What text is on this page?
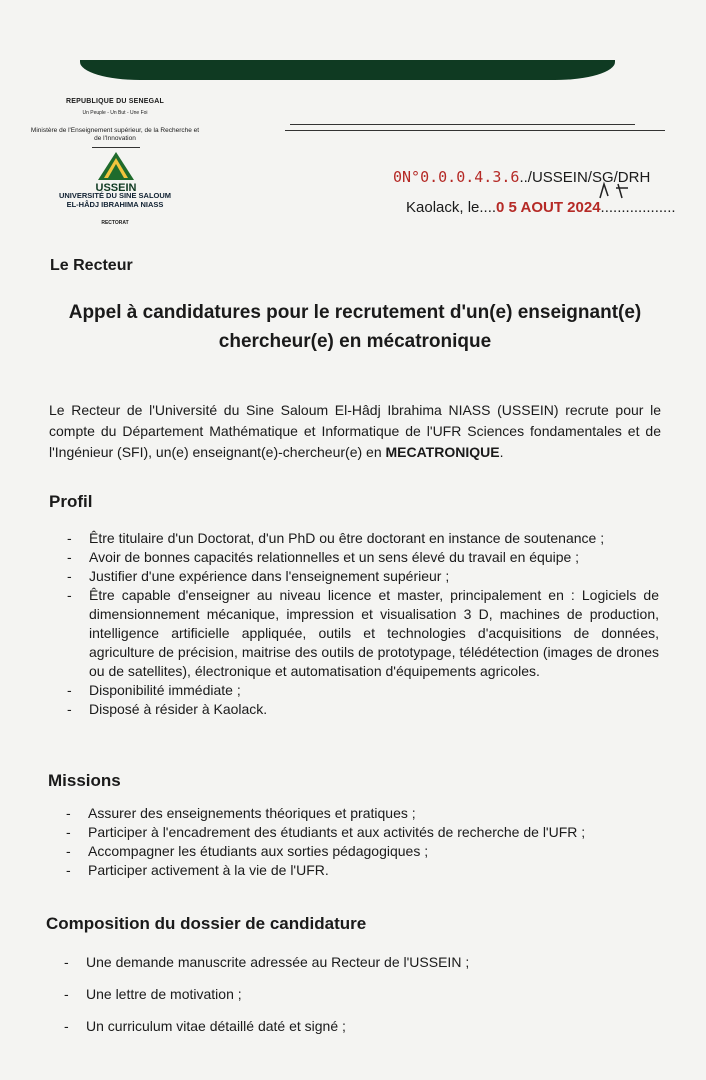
REPUBLIQUE DU SENEGAL
Un Peuple - Un But - Une Foi
Ministère de l'Enseignement supérieur, de la Recherche et de l'Innovation
USSEIN
UNIVERSITÉ DU SINE SALOUM
EL-HÂDJ IBRAHIMA NIASS
RECTORAT
0N°0.0.0.4.3.6../USSEIN/SG/DRH
Kaolack, le....0 5 AOUT 2024..................
Le Recteur
Appel à candidatures pour le recrutement d'un(e) enseignant(e) chercheur(e) en mécatronique
Le Recteur de l'Université du Sine Saloum El-Hâdj Ibrahima NIASS (USSEIN) recrute pour le compte du Département Mathématique et Informatique de l'UFR Sciences fondamentales et de l'Ingénieur (SFI), un(e) enseignant(e)-chercheur(e) en MECATRONIQUE.
Profil
- Être titulaire d'un Doctorat, d'un PhD ou être doctorant en instance de soutenance ;
- Avoir de bonnes capacités relationnelles et un sens élevé du travail en équipe ;
- Justifier d'une expérience dans l'enseignement supérieur ;
- Être capable d'enseigner au niveau licence et master, principalement en : Logiciels de dimensionnement mécanique, impression et visualisation 3 D, machines de production, intelligence artificielle appliquée, outils et technologies d'acquisitions de données, agriculture de précision, maitrise des outils de prototypage, télédétection (images de drones ou de satellites), électronique et automatisation d'équipements agricoles.
- Disponibilité immédiate ;
- Disposé à résider à Kaolack.
Missions
- Assurer des enseignements théoriques et pratiques ;
- Participer à l'encadrement des étudiants et aux activités de recherche de l'UFR ;
- Accompagner les étudiants aux sorties pédagogiques ;
- Participer activement à la vie de l'UFR.
Composition du dossier de candidature
- Une demande manuscrite adressée au Recteur de l'USSEIN ;
- Une lettre de motivation ;
- Un curriculum vitae détaillé daté et signé ;
